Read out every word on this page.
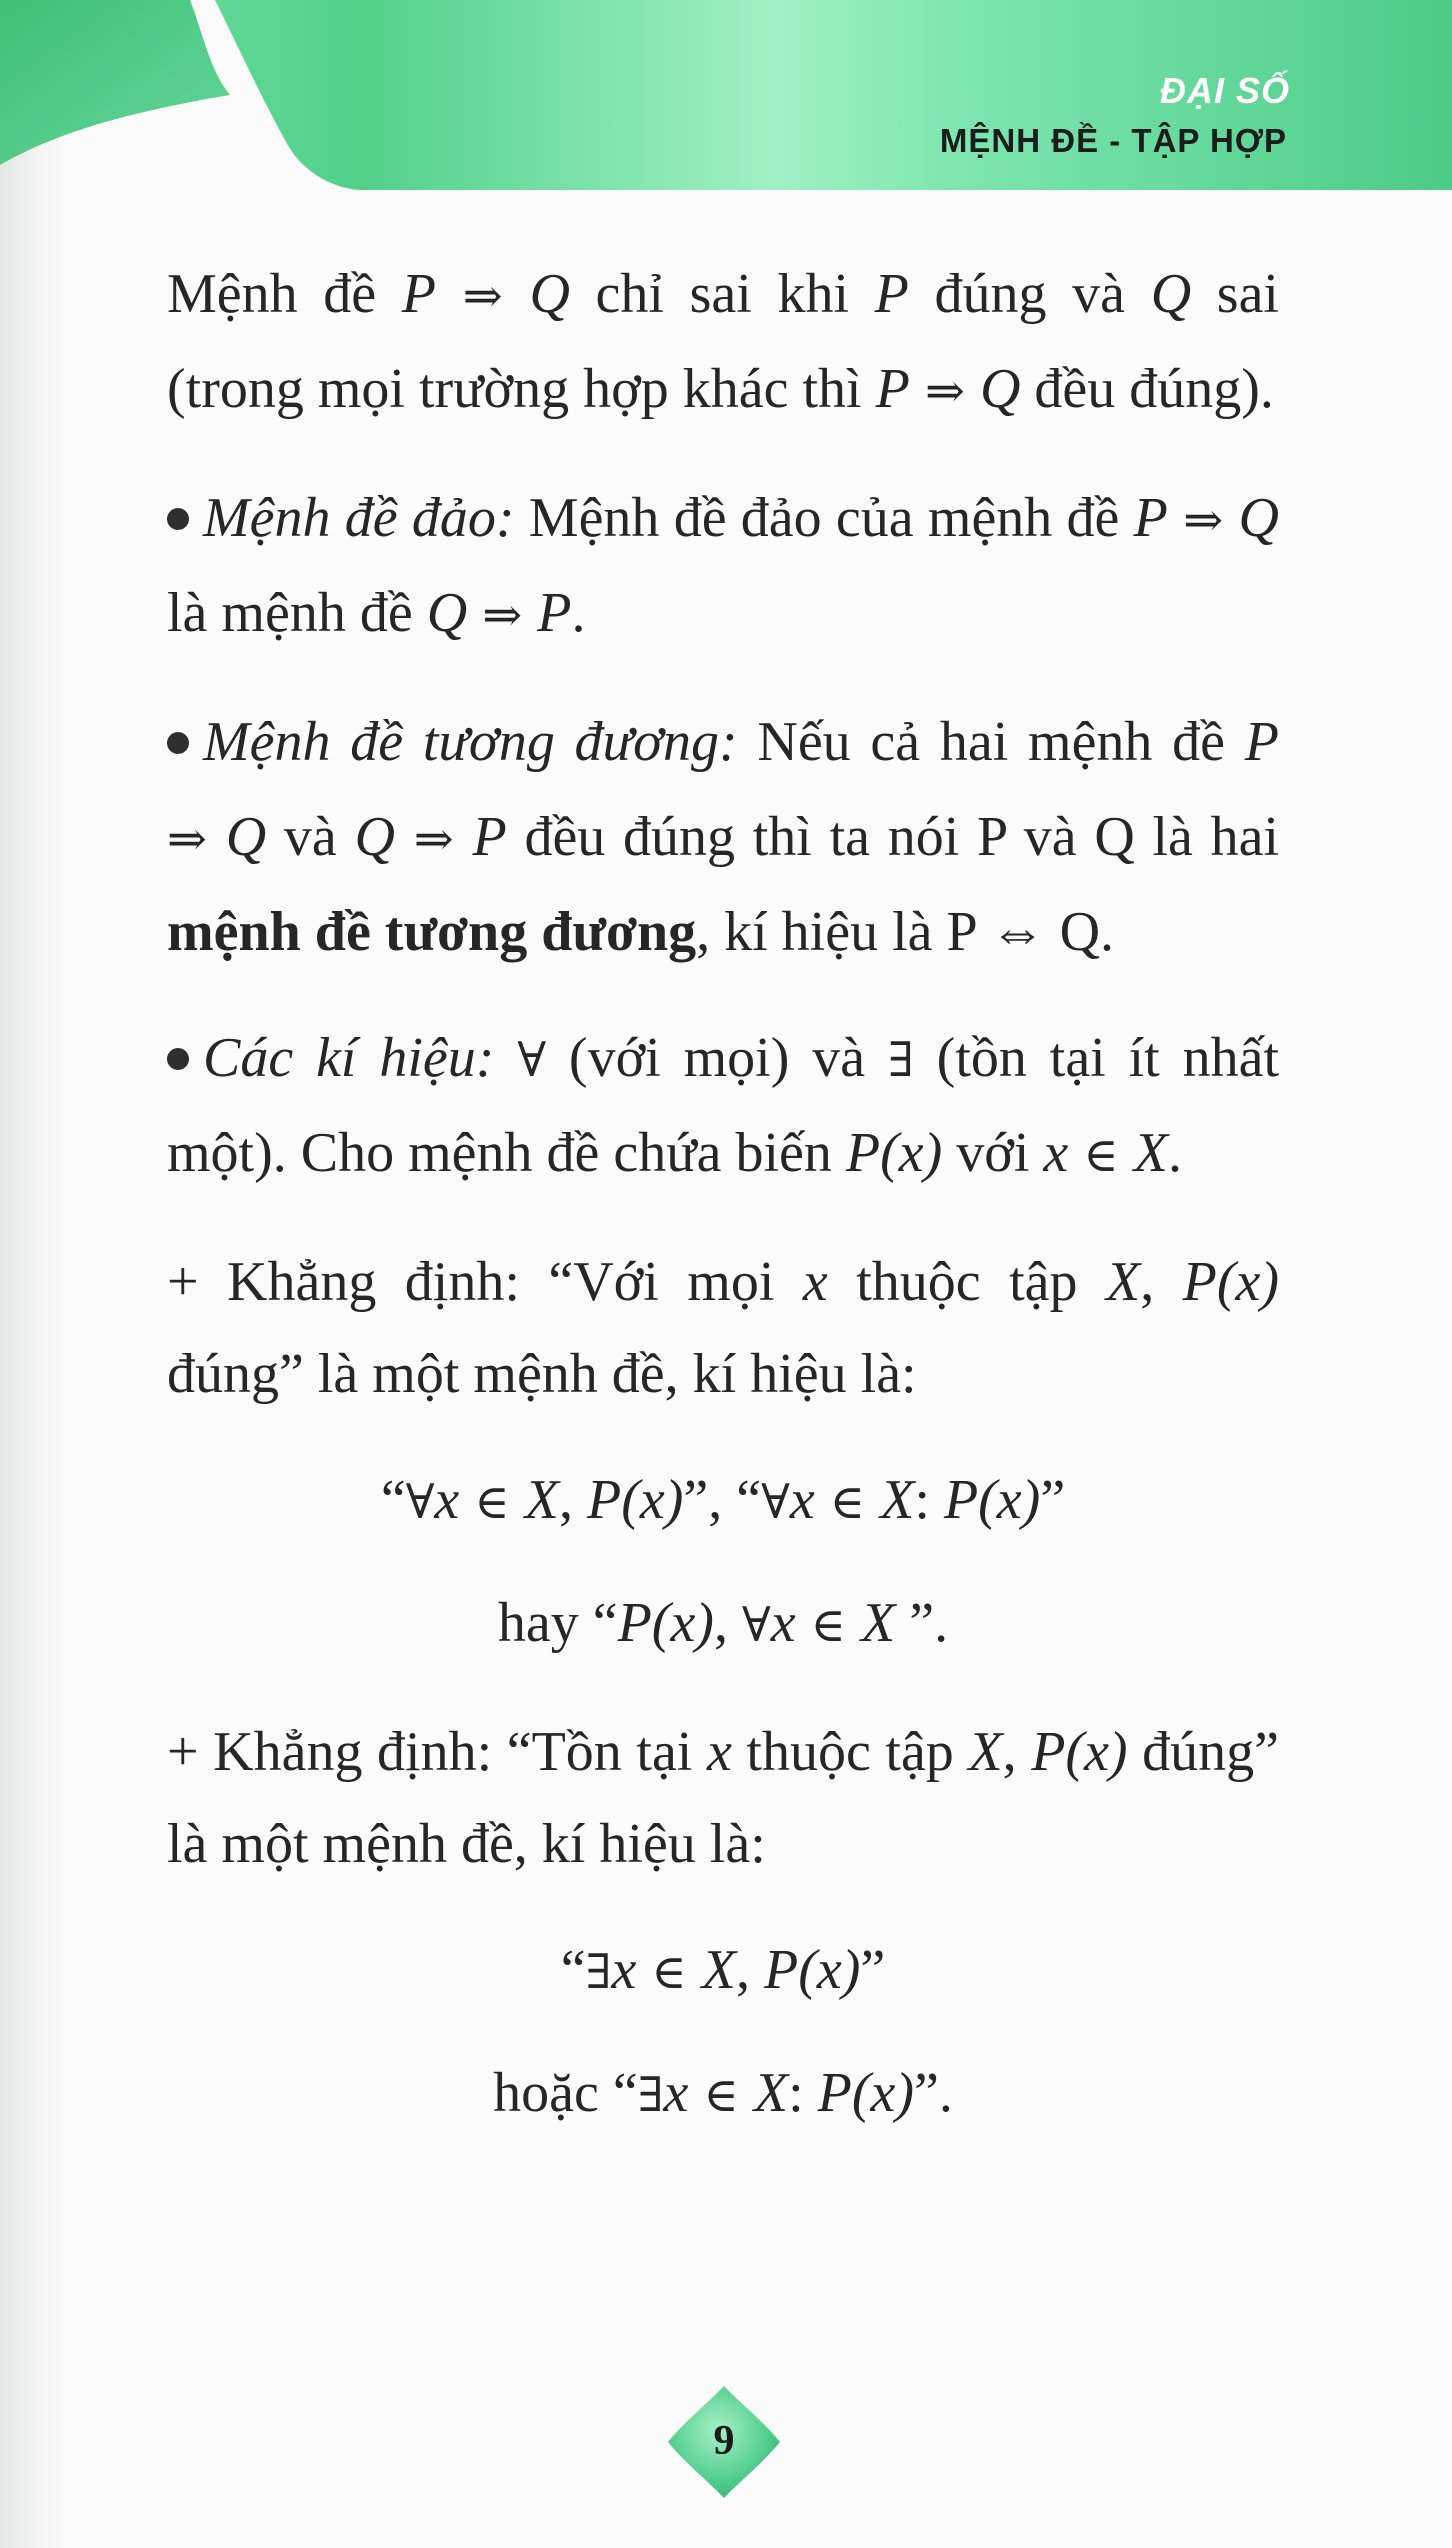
ĐẠI SỐ
MỆNH ĐỀ - TẬP HỢP

Mệnh đề P ⇒ Q chỉ sai khi P đúng và Q sai (trong mọi trường hợp khác thì P ⇒ Q đều đúng).

Mệnh đề đảo: Mệnh đề đảo của mệnh đề P ⇒ Q là mệnh đề Q ⇒ P.

Mệnh đề tương đương: Nếu cả hai mệnh đề P ⇒ Q và Q ⇒ P đều đúng thì ta nói P và Q là hai mệnh đề tương đương, kí hiệu là P ⇔ Q.

Các kí hiệu: ∀ (với mọi) và ∃ (tồn tại ít nhất một). Cho mệnh đề chứa biến P(x) với x ∈ X.

+ Khẳng định: “Với mọi x thuộc tập X, P(x) đúng” là một mệnh đề, kí hiệu là:

“∀x ∈ X, P(x)”, “∀x ∈ X: P(x)”

hay “P(x), ∀x ∈ X ”.

+ Khẳng định: “Tồn tại x thuộc tập X, P(x) đúng” là một mệnh đề, kí hiệu là:

“∃x ∈ X, P(x)”

hoặc “∃x ∈ X: P(x)”.

9
